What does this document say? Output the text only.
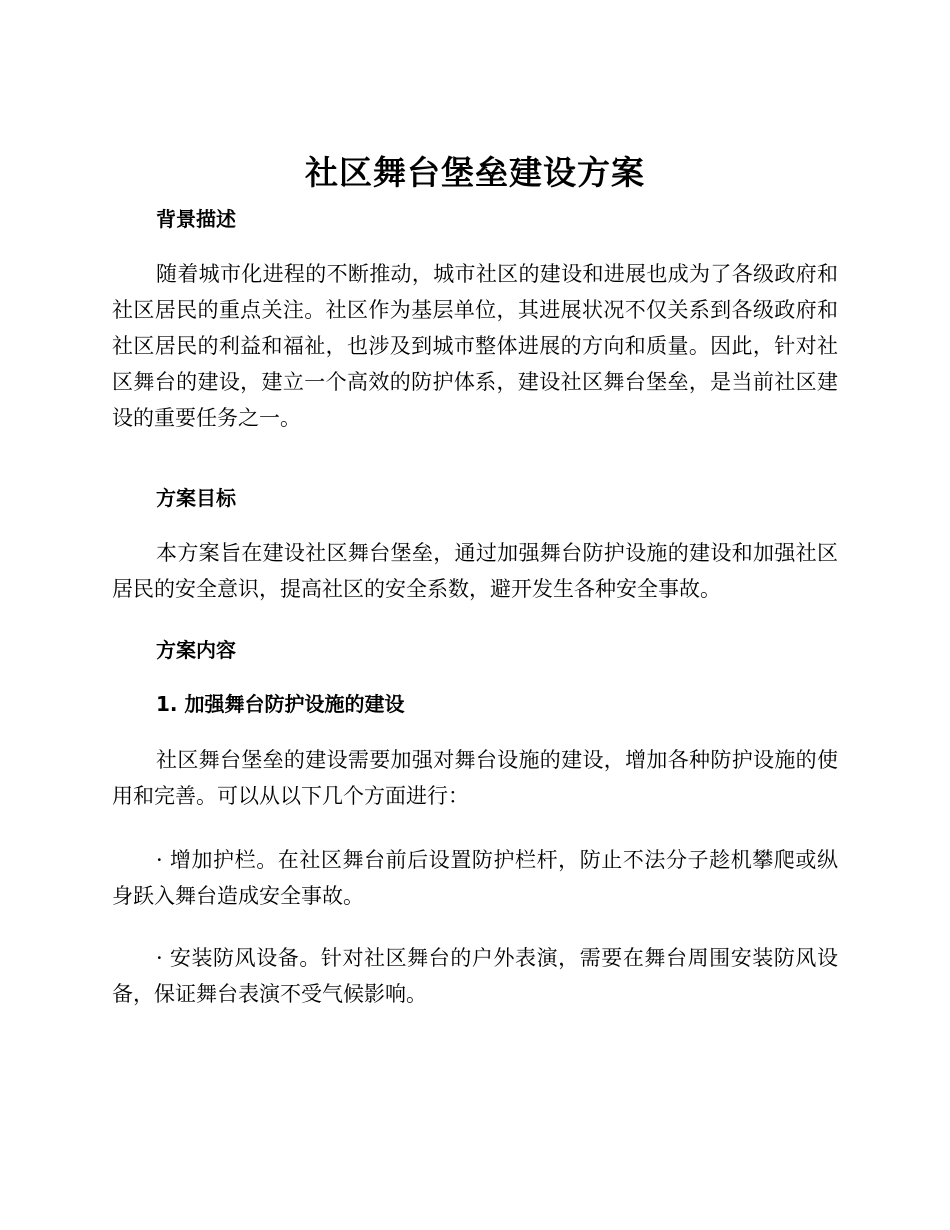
社区舞台堡垒建设方案
背景描述

随着城市化进程的不断推动，城市社区的建设和进展也成为了各级政府和社区居民的重点关注。社区作为基层单位，其进展状况不仅关系到各级政府和社区居民的利益和福祉，也涉及到城市整体进展的方向和质量。因此，针对社区舞台的建设，建立一个高效的防护体系，建设社区舞台堡垒，是当前社区建设的重要任务之一。

方案目标

本方案旨在建设社区舞台堡垒，通过加强舞台防护设施的建设和加强社区居民的安全意识，提高社区的安全系数，避开发生各种安全事故。

方案内容
1. 加强舞台防护设施的建设

社区舞台堡垒的建设需要加强对舞台设施的建设，增加各种防护设施的使用和完善。可以从以下几个方面进行：

· 增加护栏。在社区舞台前后设置防护栏杆，防止不法分子趁机攀爬或纵身跃入舞台造成安全事故。

· 安装防风设备。针对社区舞台的户外表演，需要在舞台周围安装防风设备，保证舞台表演不受气候影响。
